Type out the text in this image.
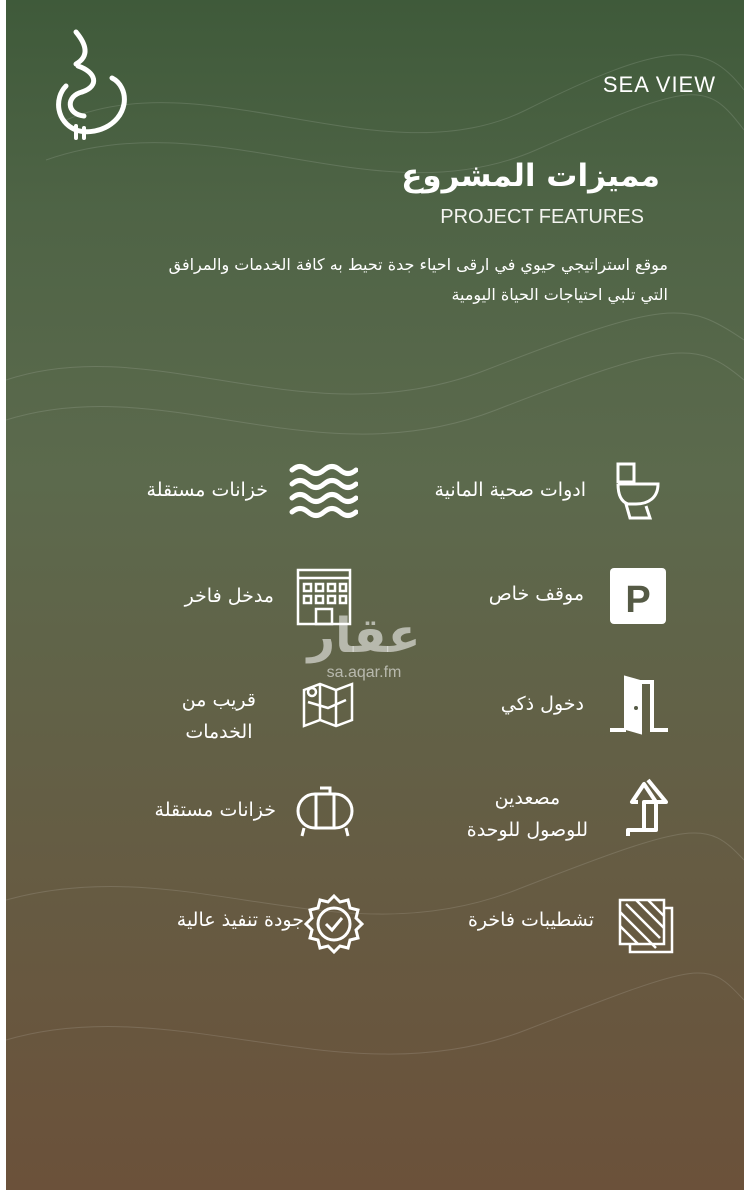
SEA VIEW
مميزات المشروع
PROJECT FEATURES
موقع استراتيجي حيوي في ارقى احياء جدة تحيط به كافة الخدمات والمرافق
التي تلبي احتياجات الحياة اليومية
ادوات صحية المانية
خزانات مستقلة
P
موقف خاص
مدخل فاخر
دخول ذكي
قريب من
الخدمات
مصعدين
للوصول للوحدة
خزانات مستقلة
تشطيبات فاخرة
جودة تنفيذ عالية
عقار
sa.aqar.fm
